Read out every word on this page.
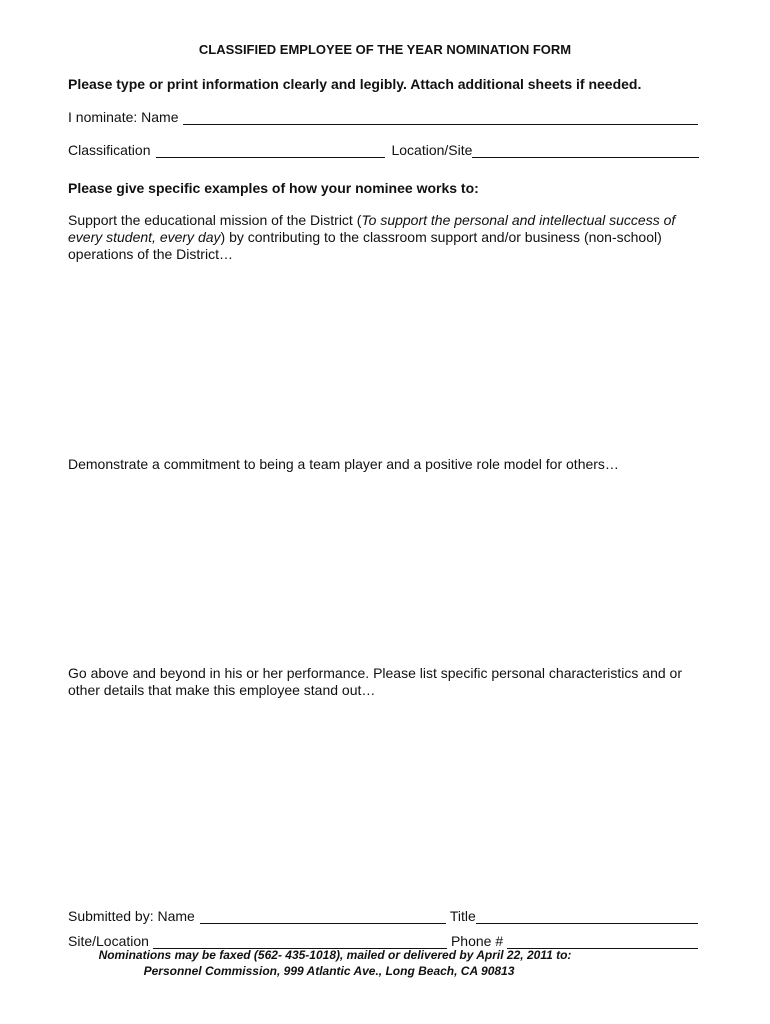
CLASSIFIED EMPLOYEE OF THE YEAR NOMINATION FORM
Please type or print information clearly and legibly. Attach additional sheets if needed.
I nominate: Name
Classification	Location/Site
Please give specific examples of how your nominee works to:
Support the educational mission of the District (To support the personal and intellectual success of every student, every day) by contributing to the classroom support and/or business (non-school) operations of the District…
Demonstrate a commitment to being a team player and a positive role model for others…
Go above and beyond in his or her performance. Please list specific personal characteristics and or other details that make this employee stand out…
Submitted by: Name	Title
Site/Location	Phone #
Nominations may be faxed (562- 435-1018), mailed or delivered by April 22, 2011 to:
Personnel Commission, 999 Atlantic Ave., Long Beach, CA 90813
